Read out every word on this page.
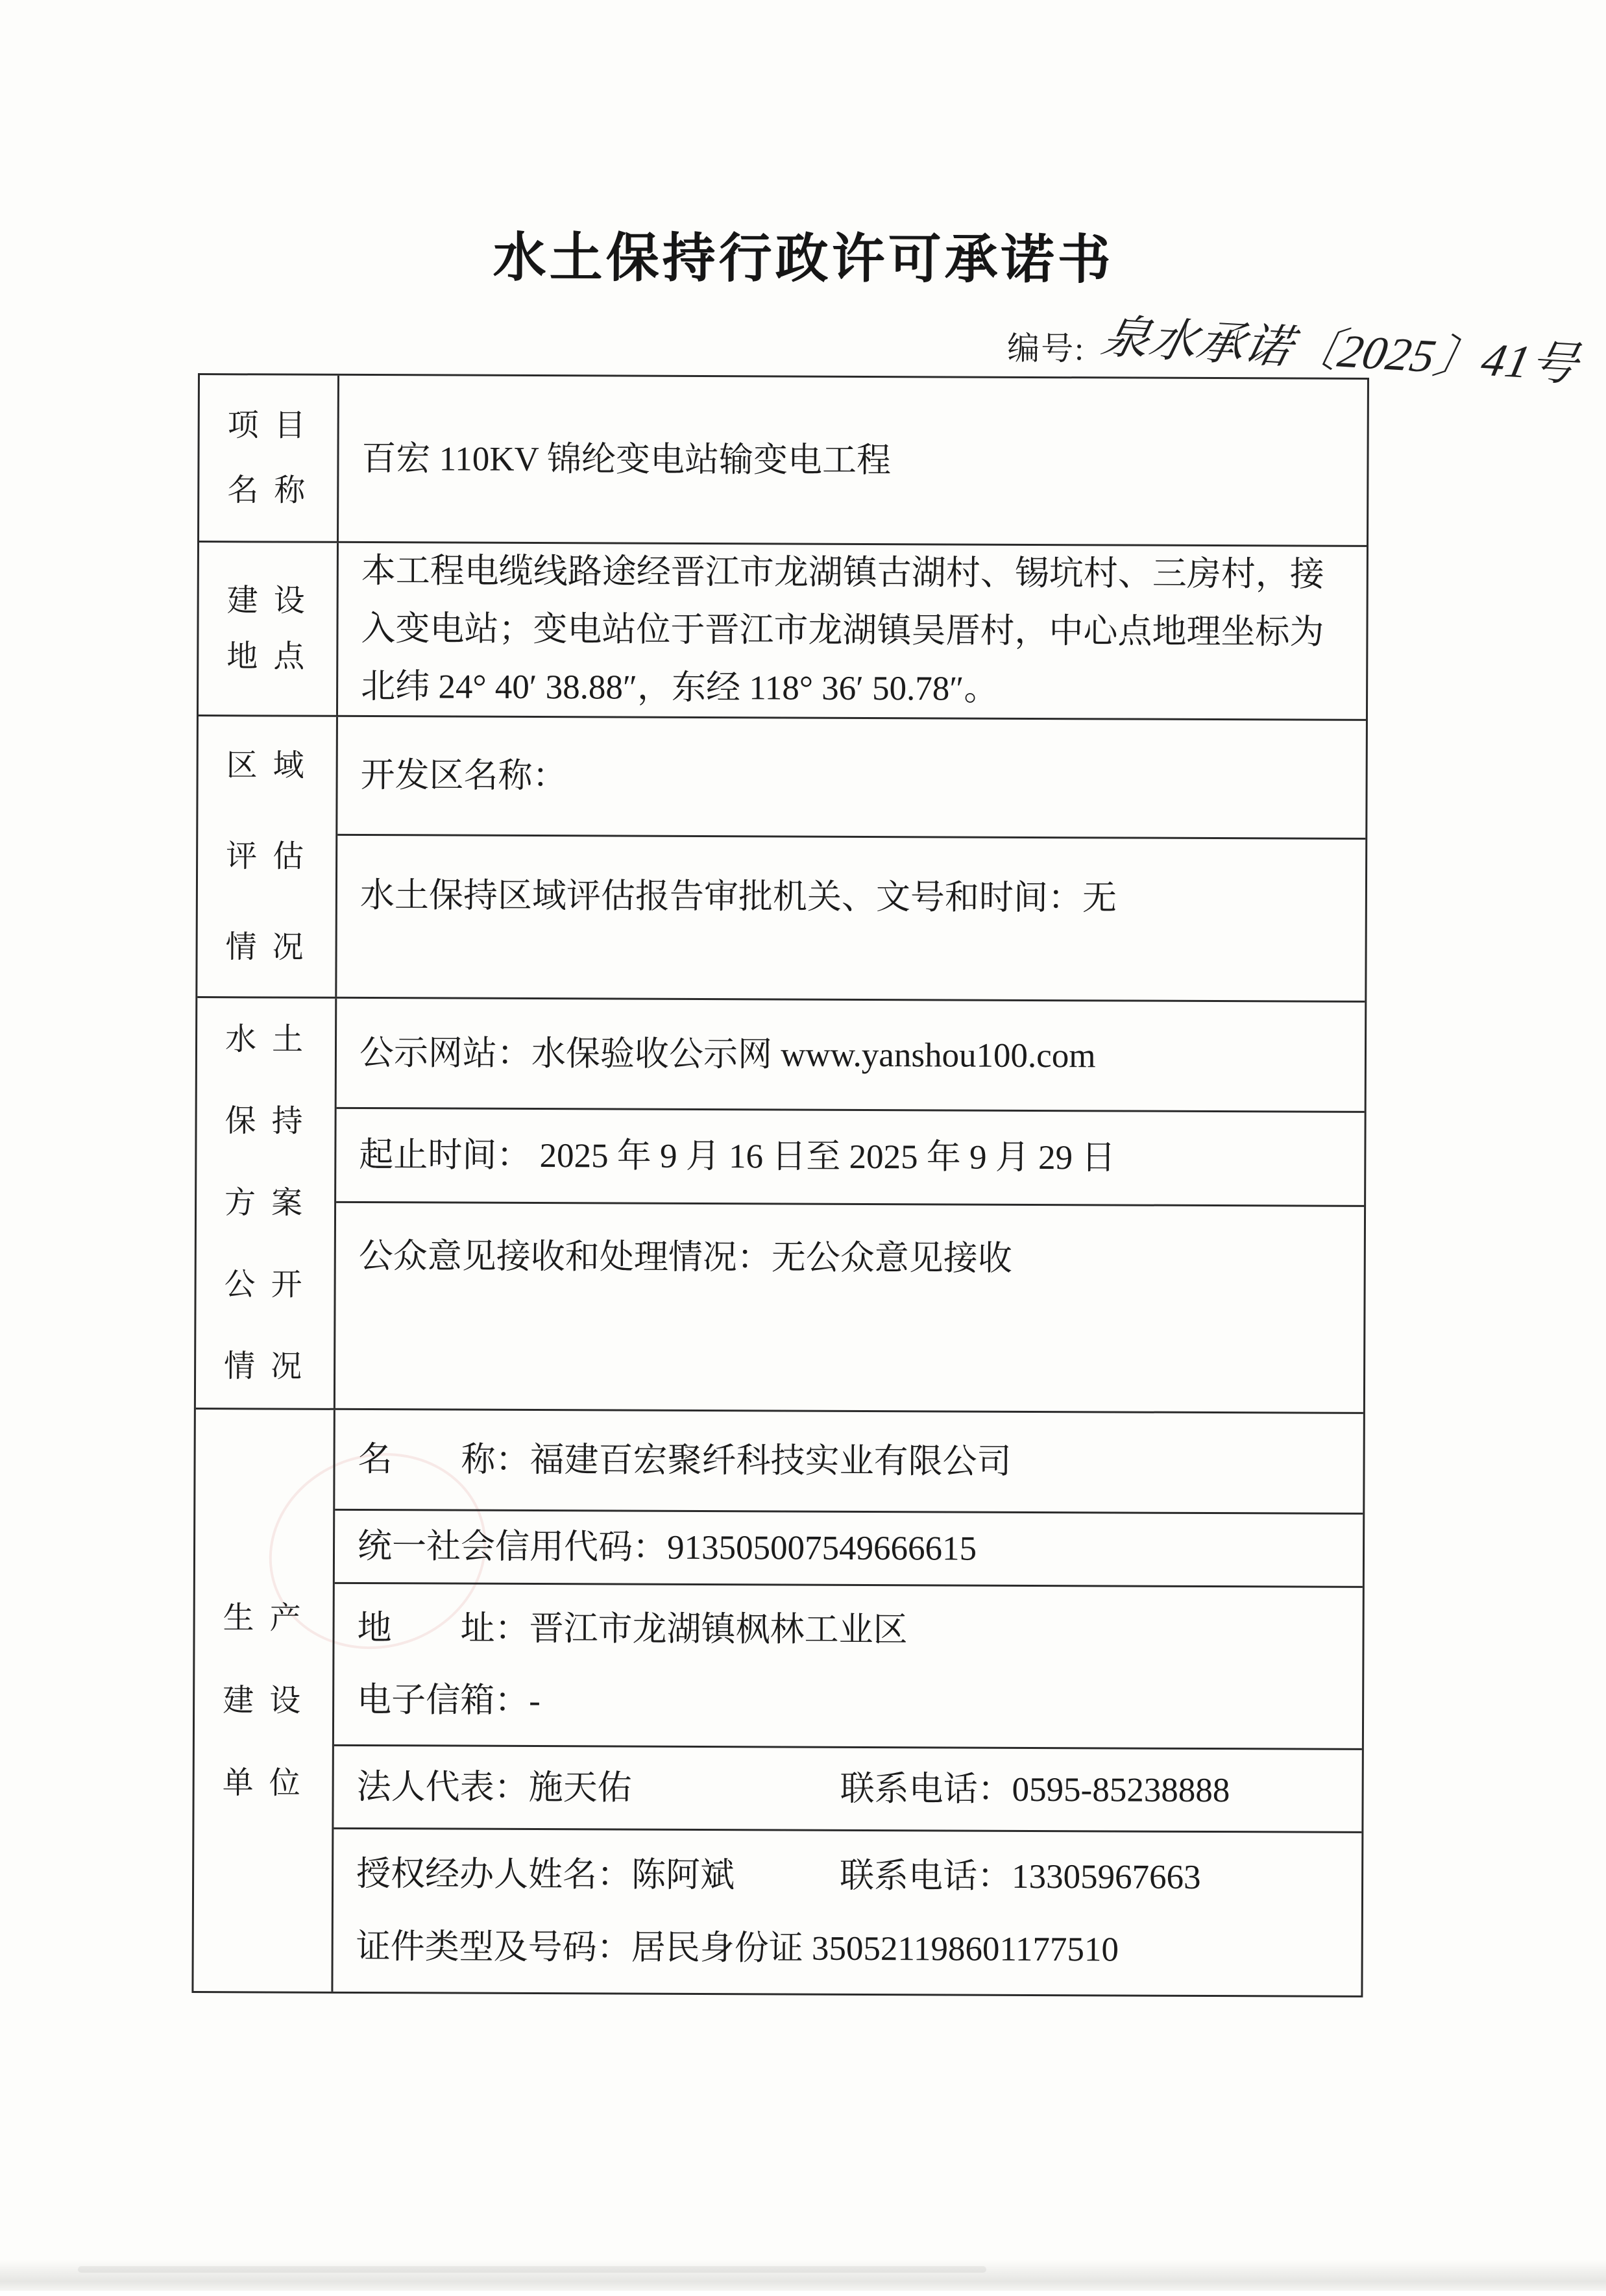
水土保持行政许可承诺书
编号: 泉水承诺〔2025〕41号
项 目
名 称
百宏 110KV 锦纶变电站输变电工程
建 设
地 点
本工程电缆线路途经晋江市龙湖镇古湖村、锡坑村、三房村，接
入变电站；变电站位于晋江市龙湖镇吴厝村，中心点地理坐标为
北纬 24° 40′ 38.88″，东经 118° 36′ 50.78″。
区 域
评 估
情 况
开发区名称：
水土保持区域评估报告审批机关、文号和时间：无
水 土
保 持
方 案
公 开
情 况
公示网站：水保验收公示网 www.yanshou100.com
起止时间： 2025 年 9 月 16 日至 2025 年 9 月 29 日
公众意见接收和处理情况：无公众意见接收
生 产
建 设
单 位
名　　称：福建百宏聚纤科技实业有限公司
统一社会信用代码：913505007549666615
地　　址：晋江市龙湖镇枫林工业区
电子信箱：-
法人代表：施天佑	联系电话：0595-85238888
授权经办人姓名：陈阿斌	联系电话：13305967663
证件类型及号码：居民身份证 350521198601177510
